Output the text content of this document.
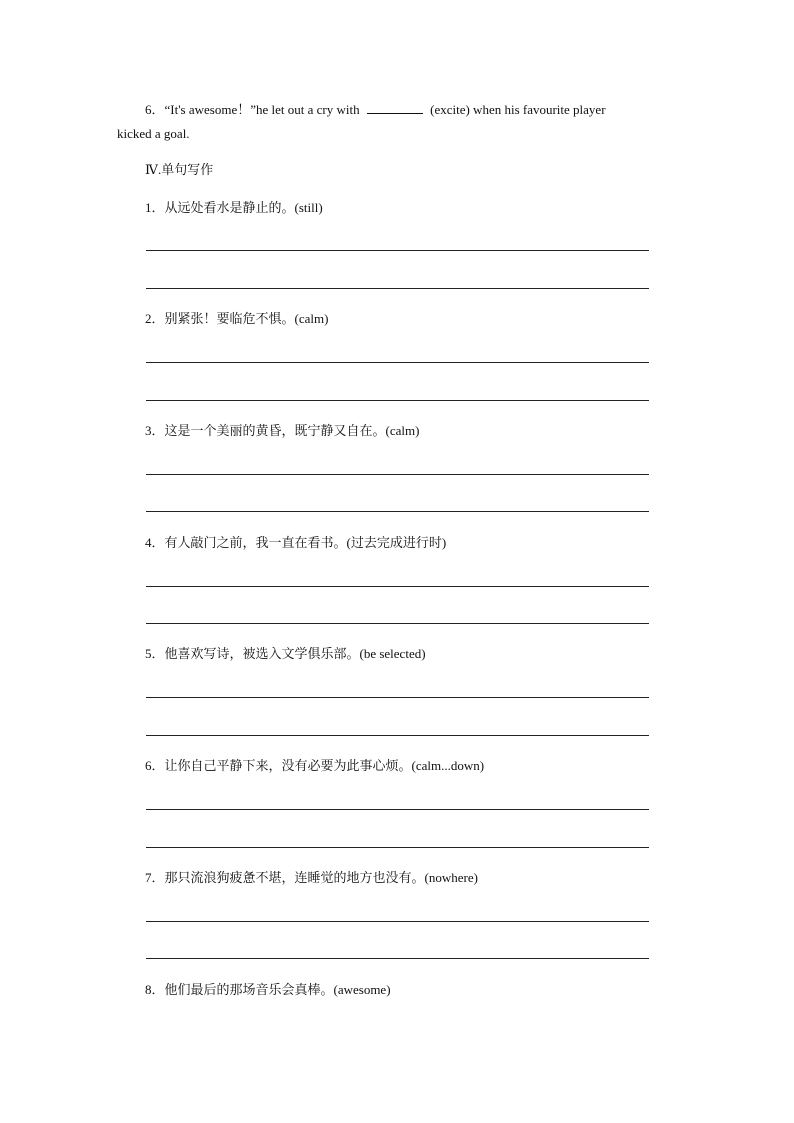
6．“It's awesome！”he let out a cry with	(excite) when his favourite player
kicked a goal.
Ⅳ.单句写作
1．从远处看水是静止的。(still)
2．别紧张！要临危不惧。(calm)
3．这是一个美丽的黄昏，既宁静又自在。(calm)
4．有人敲门之前，我一直在看书。(过去完成进行时)
5．他喜欢写诗，被选入文学俱乐部。(be selected)
6．让你自己平静下来，没有必要为此事心烦。(calm...down)
7．那只流浪狗疲惫不堪，连睡觉的地方也没有。(nowhere)
8．他们最后的那场音乐会真棒。(awesome)
